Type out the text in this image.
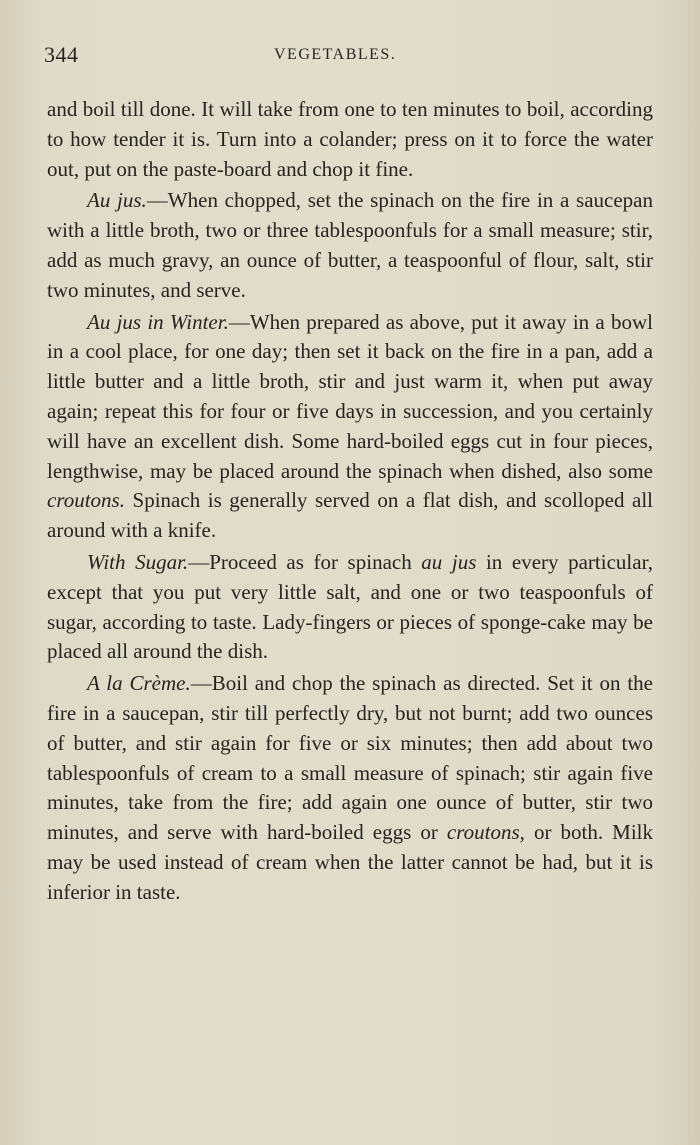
344	VEGETABLES.

and boil till done. It will take from one to ten minutes to boil, according to how tender it is. Turn into a colander; press on it to force the water out, put on the paste-board and chop it fine.

Au jus.—When chopped, set the spinach on the fire in a saucepan with a little broth, two or three tablespoonfuls for a small measure; stir, add as much gravy, an ounce of butter, a teaspoonful of flour, salt, stir two minutes, and serve.

Au jus in Winter.—When prepared as above, put it away in a bowl in a cool place, for one day; then set it back on the fire in a pan, add a little butter and a little broth, stir and just warm it, when put away again; repeat this for four or five days in succession, and you certainly will have an excellent dish. Some hard-boiled eggs cut in four pieces, lengthwise, may be placed around the spinach when dished, also some croutons. Spinach is generally served on a flat dish, and scolloped all around with a knife.

With Sugar.—Proceed as for spinach au jus in every particular, except that you put very little salt, and one or two teaspoonfuls of sugar, according to taste. Lady-fingers or pieces of sponge-cake may be placed all around the dish.

A la Crème.—Boil and chop the spinach as directed. Set it on the fire in a saucepan, stir till perfectly dry, but not burnt; add two ounces of butter, and stir again for five or six minutes; then add about two tablespoonfuls of cream to a small measure of spinach; stir again five minutes, take from the fire; add again one ounce of butter, stir two minutes, and serve with hard-boiled eggs or croutons, or both. Milk may be used instead of cream when the latter cannot be had, but it is inferior in taste.
